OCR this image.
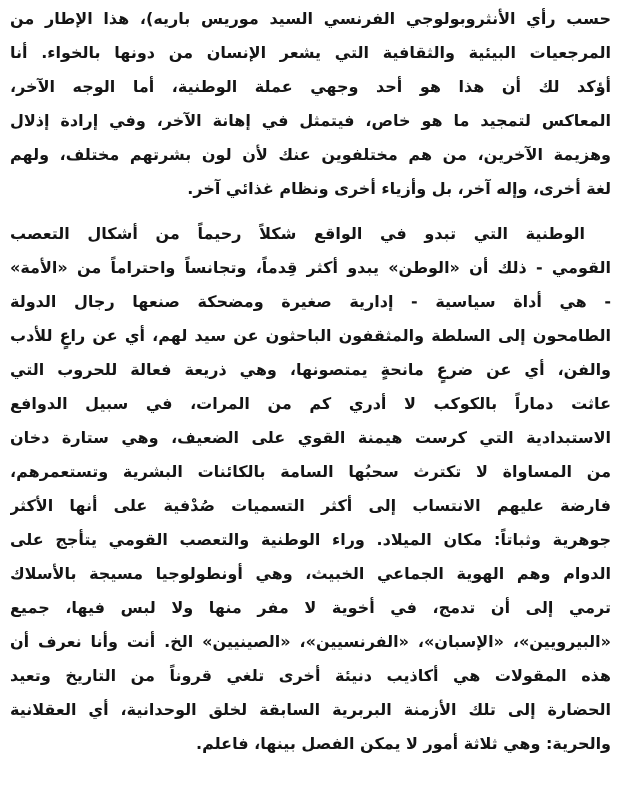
حسب رأي الأنثروبولوجي الفرنسي السيد موريس باريه)، هذا الإطار من
المرجعيات البيئية والثقافية التي يشعر الإنسان من دونها بالخواء. أنا
أؤكد لك أن هذا هو أحد وجهي عملة الوطنية، أما الوجه الآخر،
المعاكس لتمجيد ما هو خاص، فيتمثل في إهانة الآخر، وفي إرادة إذلال
وهزيمة الآخرين، من هم مختلفوين عنك لأن لون بشرتهم مختلف، ولهم
لغة أخرى، وإله آخر، بل وأزياء أخرى ونظام غذائي آخر.
الوطنية التي تبدو في الواقع شكلاً رحيماً من أشكال التعصب
القومي - ذلك أن «الوطن» يبدو أكثر قِدماً، وتجانساً واحتراماً من «الأمة»
- هي أداة سياسية - إدارية صغيرة ومضحكة صنعها رجال الدولة
الطامحون إلى السلطة والمثقفون الباحثون عن سيد لهم، أي عن راعٍ للأدب
والفن، أي عن ضرعٍ مانحةٍ يمتصونها، وهي ذريعة فعالة للحروب التي
عاثت دماراً بالكوكب لا أدري كم من المرات، في سبيل الدوافع
الاستبدادية التي كرست هيمنة القوي على الضعيف، وهي ستارة دخان
من المساواة لا تكترث سحبُها السامة بالكائنات البشرية وتستعمرهم،
فارضة عليهم الانتساب إلى أكثر التسميات صُدْفية على أنها الأكثر
جوهرية وثباتاً: مكان الميلاد. وراء الوطنية والتعصب القومي يتأجج على
الدوام وهم الهوية الجماعي الخبيث، وهي أونطولوجيا مسيجة بالأسلاك
ترمي إلى أن تدمج، في أخوية لا مفر منها ولا لبس فيها، جميع
«البيرويين»، «الإسبان»، «الفرنسيين»، «الصينيين» الخ. أنت وأنا نعرف أن
هذه المقولات هي أكاذيب دنيئة أخرى تلغي قروناً من التاريخ وتعيد
الحضارة إلى تلك الأزمنة البربرية السابقة لخلق الوحدانية، أي العقلانية
والحرية: وهي ثلاثة أمور لا يمكن الفصل بينها، فاعلم.
